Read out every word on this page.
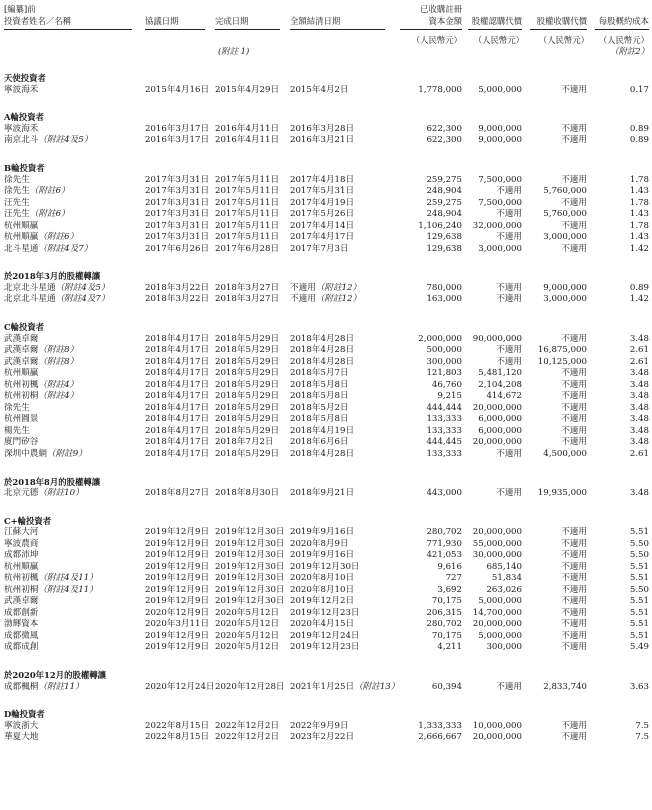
[編纂]前
投資者姓名／名稱	協議日期	完成日期	全額結清日期
已收購註冊
資本金額 股權認購代價 股權收購代價 每股概約成本
（人民幣元） （人民幣元） （人民幣元） （人民幣元）
（附註2）
(附註 1)
天使投資者
寧波海禾	2015年4月16日 2015年4月29日 2015年4月2日	1,778,000 5,000,000	不適用	0.17
A輪投資者
寧波海禾	2016年3月17日 2016年4月11日 2016年3月28日	622,300 9,000,000	不適用	0.89
南京北斗（附註4及5）	2016年3月17日 2016年4月11日 2016年3月21日	622,300 9,000,000	不適用	0.89
B輪投資者
徐先生	2017年3月31日 2017年5月11日 2017年4月18日	259,275 7,500,000	不適用	1.78
徐先生（附註6）	2017年3月31日 2017年5月11日 2017年5月31日	248,904	不適用 5,760,000	1.43
汪先生	2017年3月31日 2017年5月11日 2017年4月19日	259,275 7,500,000	不適用	1.78
汪先生（附註6）	2017年3月31日 2017年5月11日 2017年5月26日	248,904	不適用 5,760,000	1.43
杭州順贏	2017年3月31日 2017年5月11日 2017年4月14日	1,106,240 32,000,000	不適用	1.78
杭州順贏（附註6）	2017年3月31日 2017年5月11日 2017年4月17日	129,638	不適用 3,000,000	1.43
北斗星通（附註4及7）	2017年6月26日 2017年6月28日 2017年7月3日	129,638 3,000,000	不適用	1.42
於2018年3月的股權轉讓
北京北斗星通（附註4及5）	2018年3月22日 2018年3月27日 不適用（附註12）	780,000	不適用 9,000,000	0.89
北京北斗星通（附註4及7）	2018年3月22日 2018年3月27日 不適用（附註12）	163,000	不適用 3,000,000	1.42
C輪投資者
武漢卓爾	2018年4月17日 2018年5月29日 2018年4月28日	2,000,000 90,000,000	不適用	3.48
武漢卓爾（附註8）	2018年4月17日 2018年5月29日 2018年4月28日	500,000	不適用 16,875,000	2.61
武漢卓爾（附註8）	2018年4月17日 2018年5月29日 2018年4月28日	300,000	不適用 10,125,000	2.61
杭州順贏	2018年4月17日 2018年5月29日 2018年5月7日	121,803 5,481,120	不適用	3.48
杭州初楓（附註4）	2018年4月17日 2018年5月29日 2018年5月8日	46,760 2,104,208	不適用	3.48
杭州初桐（附註4）	2018年4月17日 2018年5月29日 2018年5月8日	9,215	414,672	不適用	3.48
徐先生	2018年4月17日 2018年5月29日 2018年5月2日	444,444 20,000,000	不適用	3.48
杭州圓景	2018年4月17日 2018年5月29日 2018年5月8日	133,333 6,000,000	不適用	3.48
楊先生	2018年4月17日 2018年5月29日 2018年4月19日	133,333 6,000,000	不適用	3.48
廈門矽谷	2018年4月17日 2018年7月2日 2018年6月6日	444,445 20,000,000	不適用	3.48
深圳中農網（附註9）	2018年4月17日 2018年5月29日 2018年4月28日	133,333	不適用 4,500,000	2.61
於2018年8月的股權轉讓
北京元德（附註10）	2018年8月27日 2018年8月30日 2018年9月21日	443,000	不適用 19,935,000	3.48
C+輪投資者
江蘇大河	2019年12月9日 2019年12月30日 2019年9月16日	280,702 20,000,000	不適用	5.51
寧波農商	2019年12月9日 2019年12月30日 2020年8月9日	771,930 55,000,000	不適用	5.50
成都沛坤	2019年12月9日 2019年12月30日 2019年9月16日	421,053 30,000,000	不適用	5.50
杭州順贏	2019年12月9日 2019年12月30日 2019年12月30日	9,616	685,140	不適用	5.51
杭州初楓（附註4及11）	2019年12月9日 2019年12月30日 2020年8月10日	727	51,834	不適用	5.51
杭州初桐（附註4及11）	2019年12月9日 2019年12月30日 2020年8月10日	3,692	263,026	不適用	5.50
武漢卓爾	2019年12月9日 2019年12月30日 2019年12月2日	70,175 5,000,000	不適用	5.51
成都創新	2020年12月9日 2020年5月12日 2019年12月23日	206,315 14,700,000	不適用	5.51
渤輝資本	2020年3月11日 2020年5月12日 2020年4月15日	280,702 20,000,000	不適用	5.51
成都微風	2019年12月9日 2020年5月12日 2019年12月24日	70,175 5,000,000	不適用	5.51
成都成創	2019年12月9日 2020年5月12日 2019年12月23日	4,211	300,000	不適用	5.49
於2020年12月的股權轉讓
成都楓桐（附註11）	2020年12月24日 2020年12月28日 2021年1月25日（附註13）	60,394	不適用 2,833,740	3.63
D輪投資者
寧波浙大	2022年8月15日 2022年12月2日 2022年9月9日	1,333,333 10,000,000	不適用	7.5
華夏大地	2022年8月15日 2022年12月2日 2023年2月22日	2,666,667 20,000,000	不適用	7.5
